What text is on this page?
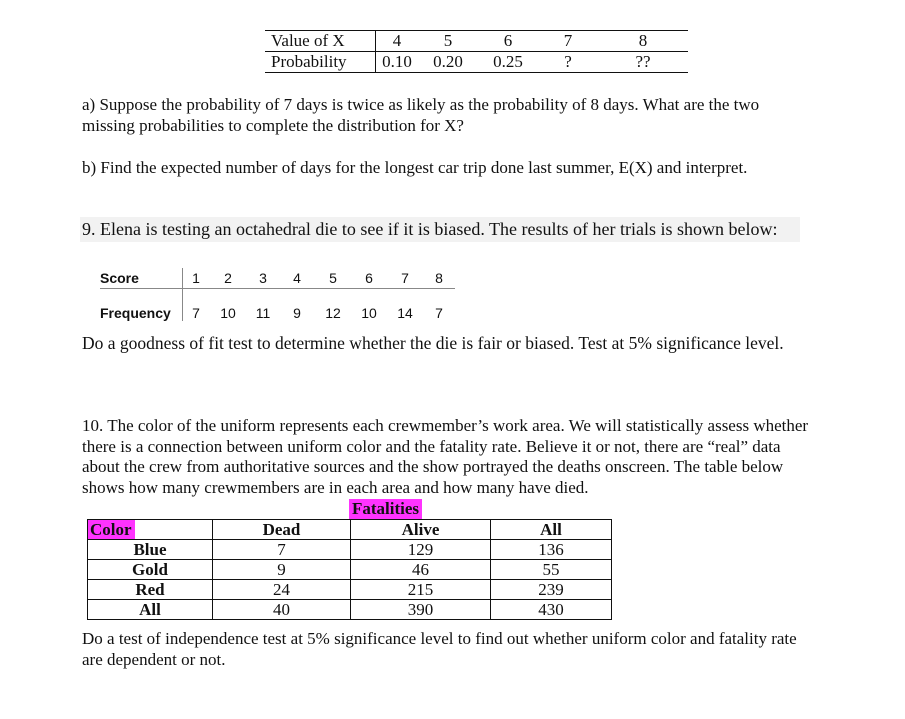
Value of X	4	5	6	7	8
Probability	0.10	0.20	0.25	?	??
a) Suppose the probability of 7 days is twice as likely as the probability of 8 days. What are the two
missing probabilities to complete the distribution for X?
b) Find the expected number of days for the longest car trip done last summer, E(X) and interpret.
9. Elena is testing an octahedral die to see if it is biased. The results of her trials is shown below:
Score	1	2	3	4	5	6	7	8
Frequency	7	10	11	9	12	10	14	7
Do a goodness of fit test to determine whether the die is fair or biased. Test at 5% significance level.
10. The color of the uniform represents each crewmember’s work area. We will statistically assess whether
there is a connection between uniform color and the fatality rate. Believe it or not, there are “real” data
about the crew from authoritative sources and the show portrayed the deaths onscreen. The table below
shows how many crewmembers are in each area and how many have died.
Fatalities
Color	Dead	Alive	All
Blue	7	129	136
Gold	9	46	55
Red	24	215	239
All	40	390	430
Do a test of independence test at 5% significance level to find out whether uniform color and fatality rate
are dependent or not.
